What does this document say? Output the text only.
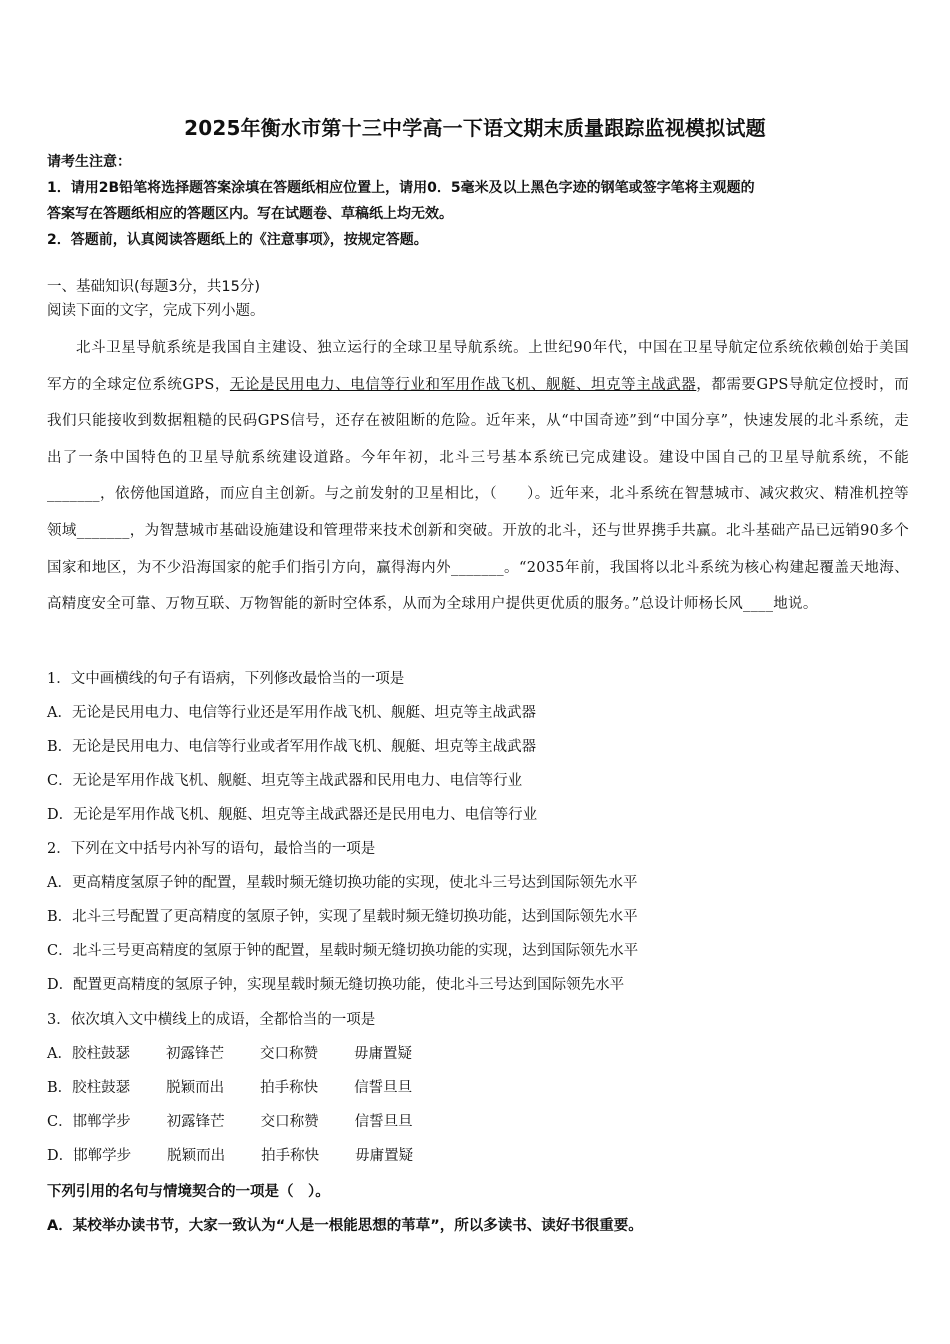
2025年衡水市第十三中学高一下语文期末质量跟踪监视模拟试题
请考生注意：
1．请用2B铅笔将选择题答案涂填在答题纸相应位置上，请用0．5毫米及以上黑色字迹的钢笔或签字笔将主观题的
答案写在答题纸相应的答题区内。写在试题卷、草稿纸上均无效。
2．答题前，认真阅读答题纸上的《注意事项》，按规定答题。
一、基础知识(每题3分，共15分)
阅读下面的文字，完成下列小题。
北斗卫星导航系统是我国自主建设、独立运行的全球卫星导航系统。上世纪90年代，中国在卫星导航定位系统依赖创始于美国军方的全球定位系统GPS，无论是民用电力、电信等行业和军用作战飞机、舰艇、坦克等主战武器，都需要GPS导航定位授时，而我们只能接收到数据粗糙的民码GPS信号，还存在被阻断的危险。近年来，从“中国奇迹”到“中国分享”，快速发展的北斗系统，走出了一条中国特色的卫星导航系统建设道路。今年年初，北斗三号基本系统已完成建设。建设中国自己的卫星导航系统，不能_______，依傍他国道路，而应自主创新。与之前发射的卫星相比，（　　）。近年来，北斗系统在智慧城市、减灾救灾、精准机控等领域_______，为智慧城市基础设施建设和管理带来技术创新和突破。开放的北斗，还与世界携手共赢。北斗基础产品已远销90多个国家和地区，为不少沿海国家的舵手们指引方向，赢得海内外_______。“2035年前，我国将以北斗系统为核心构建起覆盖天地海、高精度安全可靠、万物互联、万物智能的新时空体系，从而为全球用户提供更优质的服务。”总设计师杨长风____地说。
1．文中画横线的句子有语病，下列修改最恰当的一项是
A．无论是民用电力、电信等行业还是军用作战飞机、舰艇、坦克等主战武器
B．无论是民用电力、电信等行业或者军用作战飞机、舰艇、坦克等主战武器
C．无论是军用作战飞机、舰艇、坦克等主战武器和民用电力、电信等行业
D．无论是军用作战飞机、舰艇、坦克等主战武器还是民用电力、电信等行业
2．下列在文中括号内补写的语句，最恰当的一项是
A．更高精度氢原子钟的配置，星载时频无缝切换功能的实现，使北斗三号达到国际领先水平
B．北斗三号配置了更高精度的氢原子钟，实现了星载时频无缝切换功能，达到国际领先水平
C．北斗三号更高精度的氢原于钟的配置，星载时频无缝切换功能的实现，达到国际领先水平
D．配置更高精度的氢原子钟，实现星载时频无缝切换功能，使北斗三号达到国际领先水平
3．依次填入文中横线上的成语，全都恰当的一项是
A．胶柱鼓瑟 初露锋芒 交口称赞 毋庸置疑
B．胶柱鼓瑟 脱颖而出 拍手称快 信誓旦旦
C．邯郸学步 初露锋芒 交口称赞 信誓旦旦
D．邯郸学步 脱颖而出 拍手称快 毋庸置疑
下列引用的名句与情境契合的一项是（　）。
A．某校举办读书节，大家一致认为“人是一根能思想的苇草”，所以多读书、读好书很重要。
